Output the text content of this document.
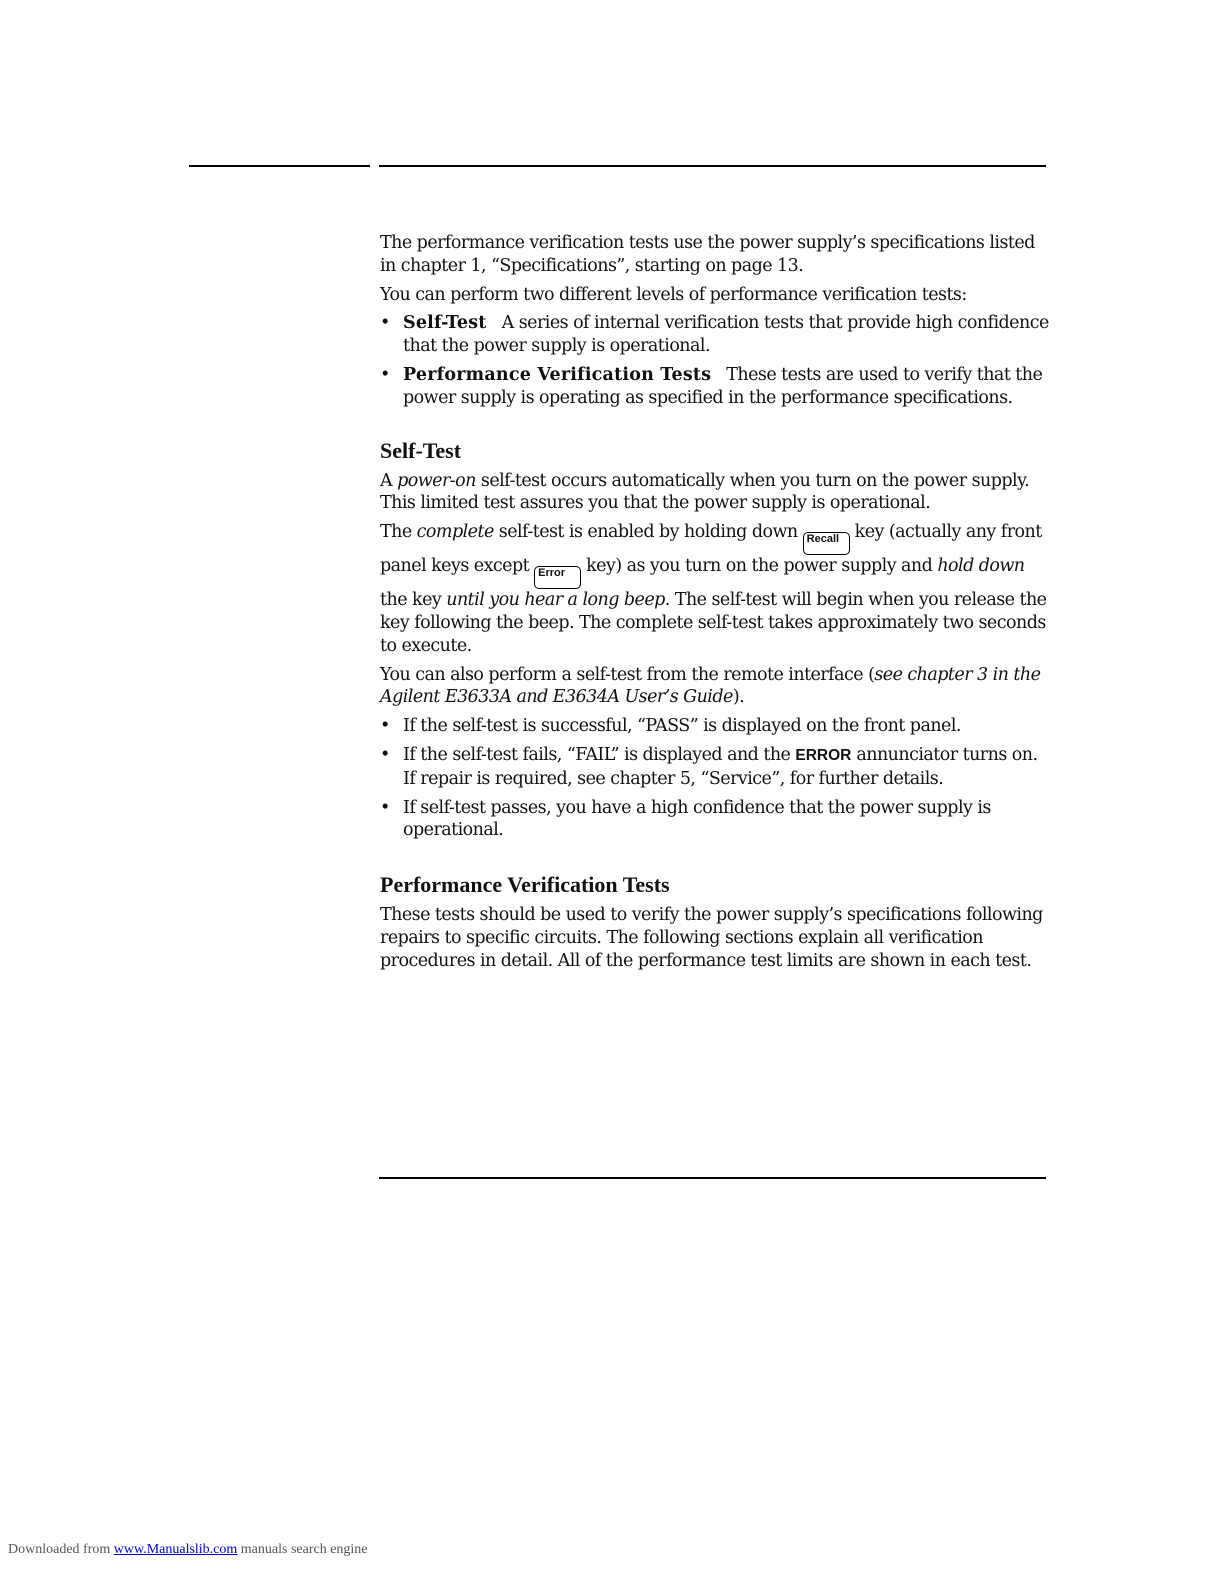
The performance verification tests use the power supply’s specifications listed in chapter 1, “Specifications”, starting on page 13.

You can perform two different levels of performance verification tests:

• Self-Test A series of internal verification tests that provide high confidence that the power supply is operational.
• Performance Verification Tests These tests are used to verify that the power supply is operating as specified in the performance specifications.
Self-Test

A power-on self-test occurs automatically when you turn on the power supply. This limited test assures you that the power supply is operational.

The complete self-test is enabled by holding down Recall key (actually any front panel keys except Error key) as you turn on the power supply and hold down the key until you hear a long beep. The self-test will begin when you release the key following the beep. The complete self-test takes approximately two seconds to execute.

You can also perform a self-test from the remote interface (see chapter 3 in the Agilent E3633A and E3634A User’s Guide).

• If the self-test is successful, “PASS” is displayed on the front panel.
• If the self-test fails, “FAIL” is displayed and the ERROR annunciator turns on. If repair is required, see chapter 5, “Service”, for further details.
• If self-test passes, you have a high confidence that the power supply is operational.
Performance Verification Tests

These tests should be used to verify the power supply’s specifications following repairs to specific circuits. The following sections explain all verification procedures in detail. All of the performance test limits are shown in each test.

Downloaded from www.Manualslib.com manuals search engine
